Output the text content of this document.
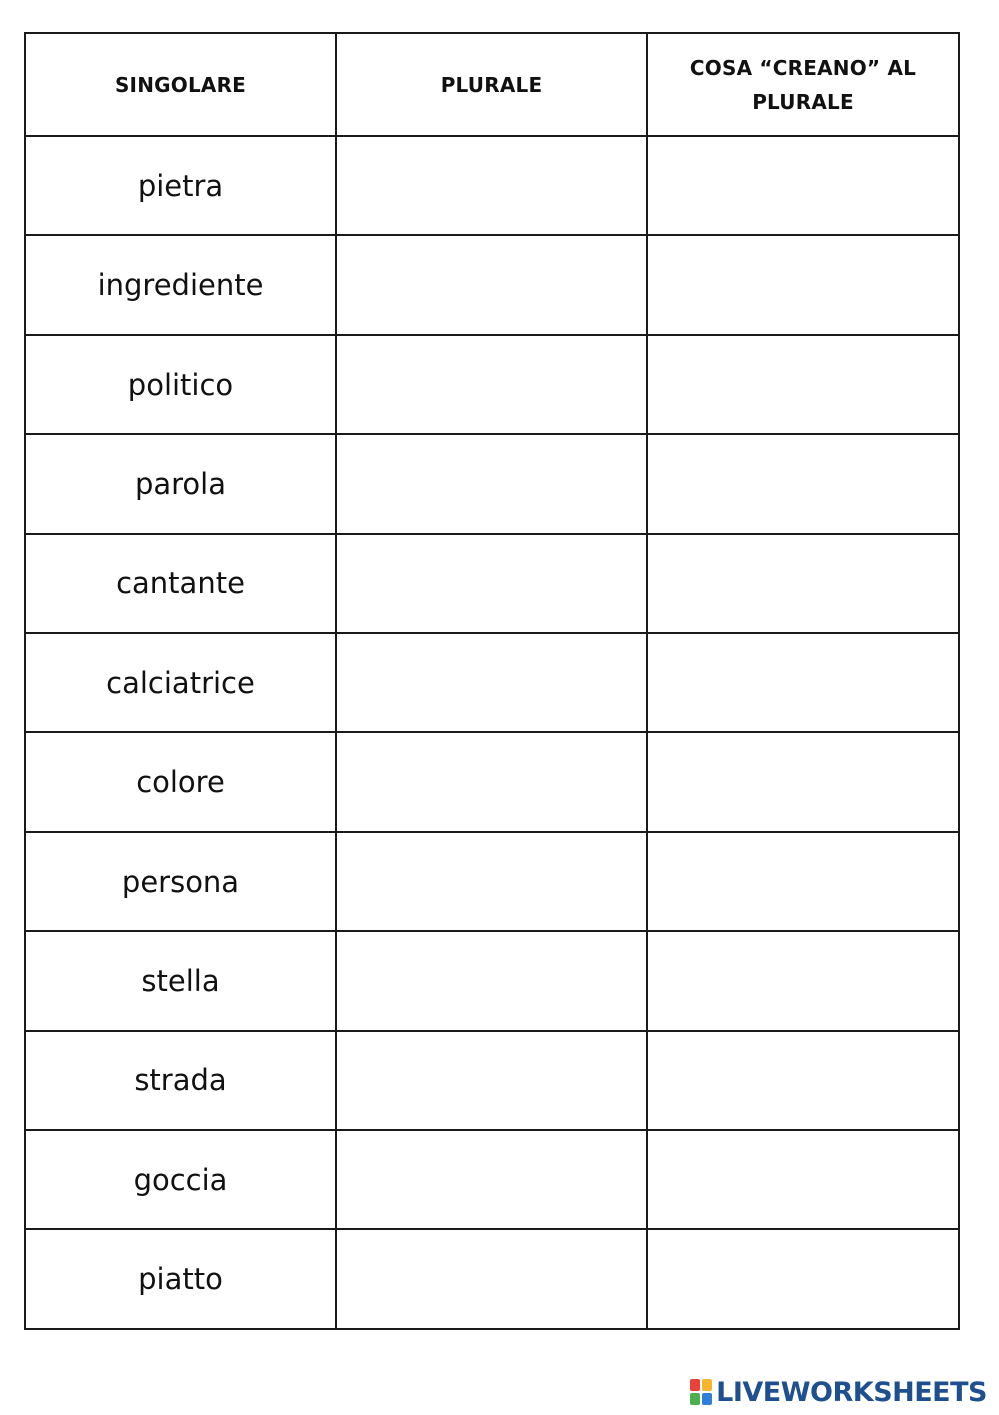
SINGOLARE	PLURALE	COSA “CREANO” AL PLURALE
pietra		
ingrediente		
politico		
parola		
cantante		
calciatrice		
colore		
persona		
stella		
strada		
goccia		
piatto		
LIVEWORKSHEETS
